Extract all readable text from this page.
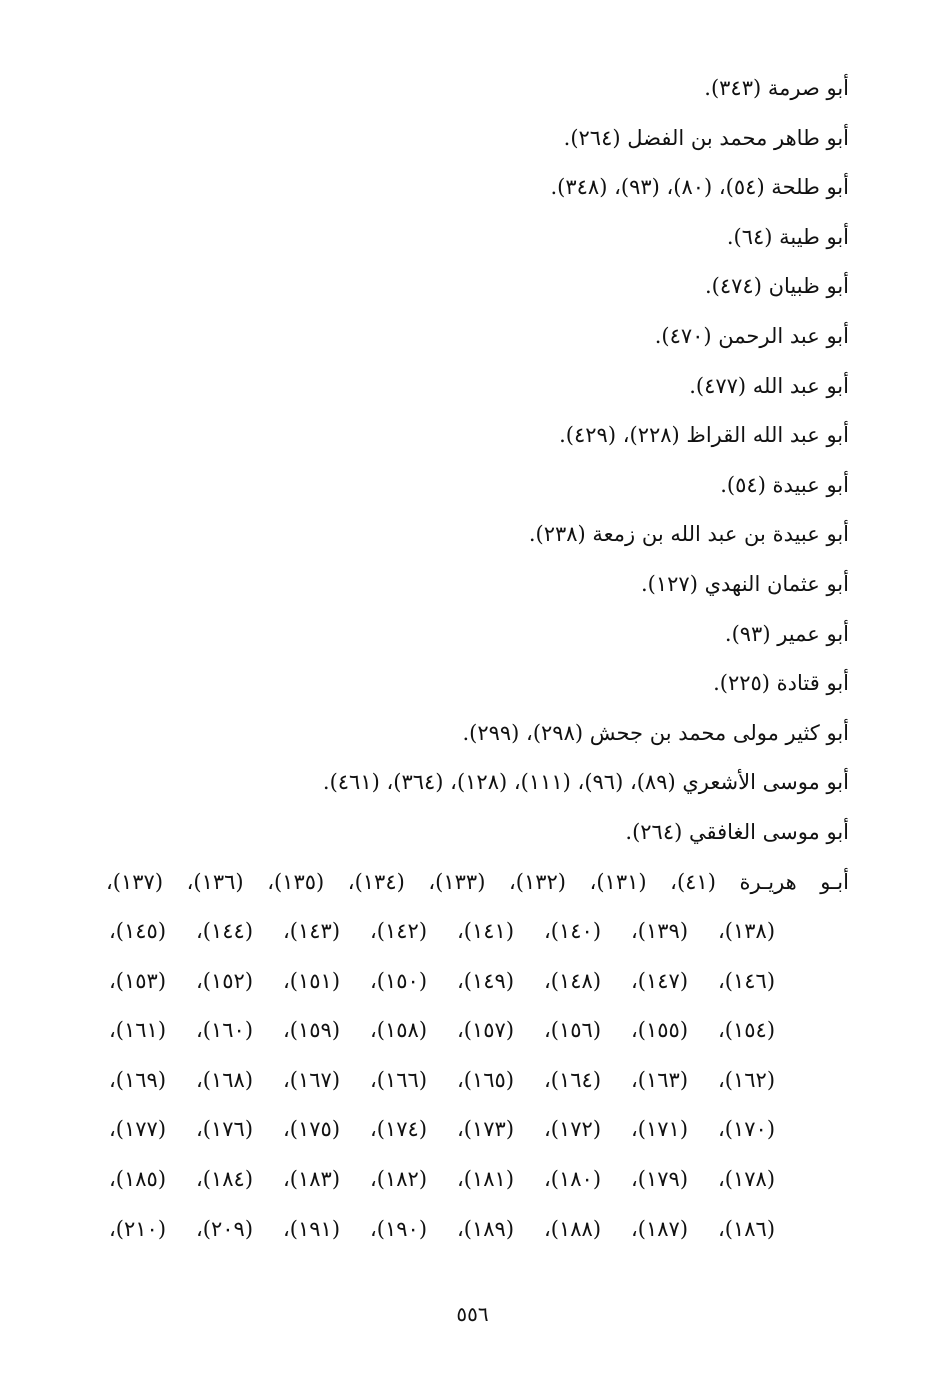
أبو صرمة (٣٤٣).
أبو طاهر محمد بن الفضل (٢٦٤).
أبو طلحة (٥٤)، (٨٠)، (٩٣)، (٣٤٨).
أبو طيبة (٦٤).
أبو ظبيان (٤٧٤).
أبو عبد الرحمن (٤٧٠).
أبو عبد الله (٤٧٧).
أبو عبد الله القراظ (٢٢٨)، (٤٢٩).
أبو عبيدة (٥٤).
أبو عبيدة بن عبد الله بن زمعة (٢٣٨).
أبو عثمان النهدي (١٢٧).
أبو عمير (٩٣).
أبو قتادة (٢٢٥).
أبو كثير مولى محمد بن جحش (٢٩٨)، (٢٩٩).
أبو موسى الأشعري (٨٩)، (٩٦)، (١١١)، (١٢٨)، (٣٦٤)، (٤٦١).
أبو موسى الغافقي (٢٦٤).
أبـو هريـرة (٤١)، (١٣١)، (١٣٢)، (١٣٣)، (١٣٤)، (١٣٥)، (١٣٦)، (١٣٧)،
(١٣٨)، (١٣٩)، (١٤٠)، (١٤١)، (١٤٢)، (١٤٣)، (١٤٤)، (١٤٥)،
(١٤٦)، (١٤٧)، (١٤٨)، (١٤٩)، (١٥٠)، (١٥١)، (١٥٢)، (١٥٣)،
(١٥٤)، (١٥٥)، (١٥٦)، (١٥٧)، (١٥٨)، (١٥٩)، (١٦٠)، (١٦١)،
(١٦٢)، (١٦٣)، (١٦٤)، (١٦٥)، (١٦٦)، (١٦٧)، (١٦٨)، (١٦٩)،
(١٧٠)، (١٧١)، (١٧٢)، (١٧٣)، (١٧٤)، (١٧٥)، (١٧٦)، (١٧٧)،
(١٧٨)، (١٧٩)، (١٨٠)، (١٨١)، (١٨٢)، (١٨٣)، (١٨٤)، (١٨٥)،
(١٨٦)، (١٨٧)، (١٨٨)، (١٨٩)، (١٩٠)، (١٩١)، (٢٠٩)، (٢١٠)،
٥٥٦
